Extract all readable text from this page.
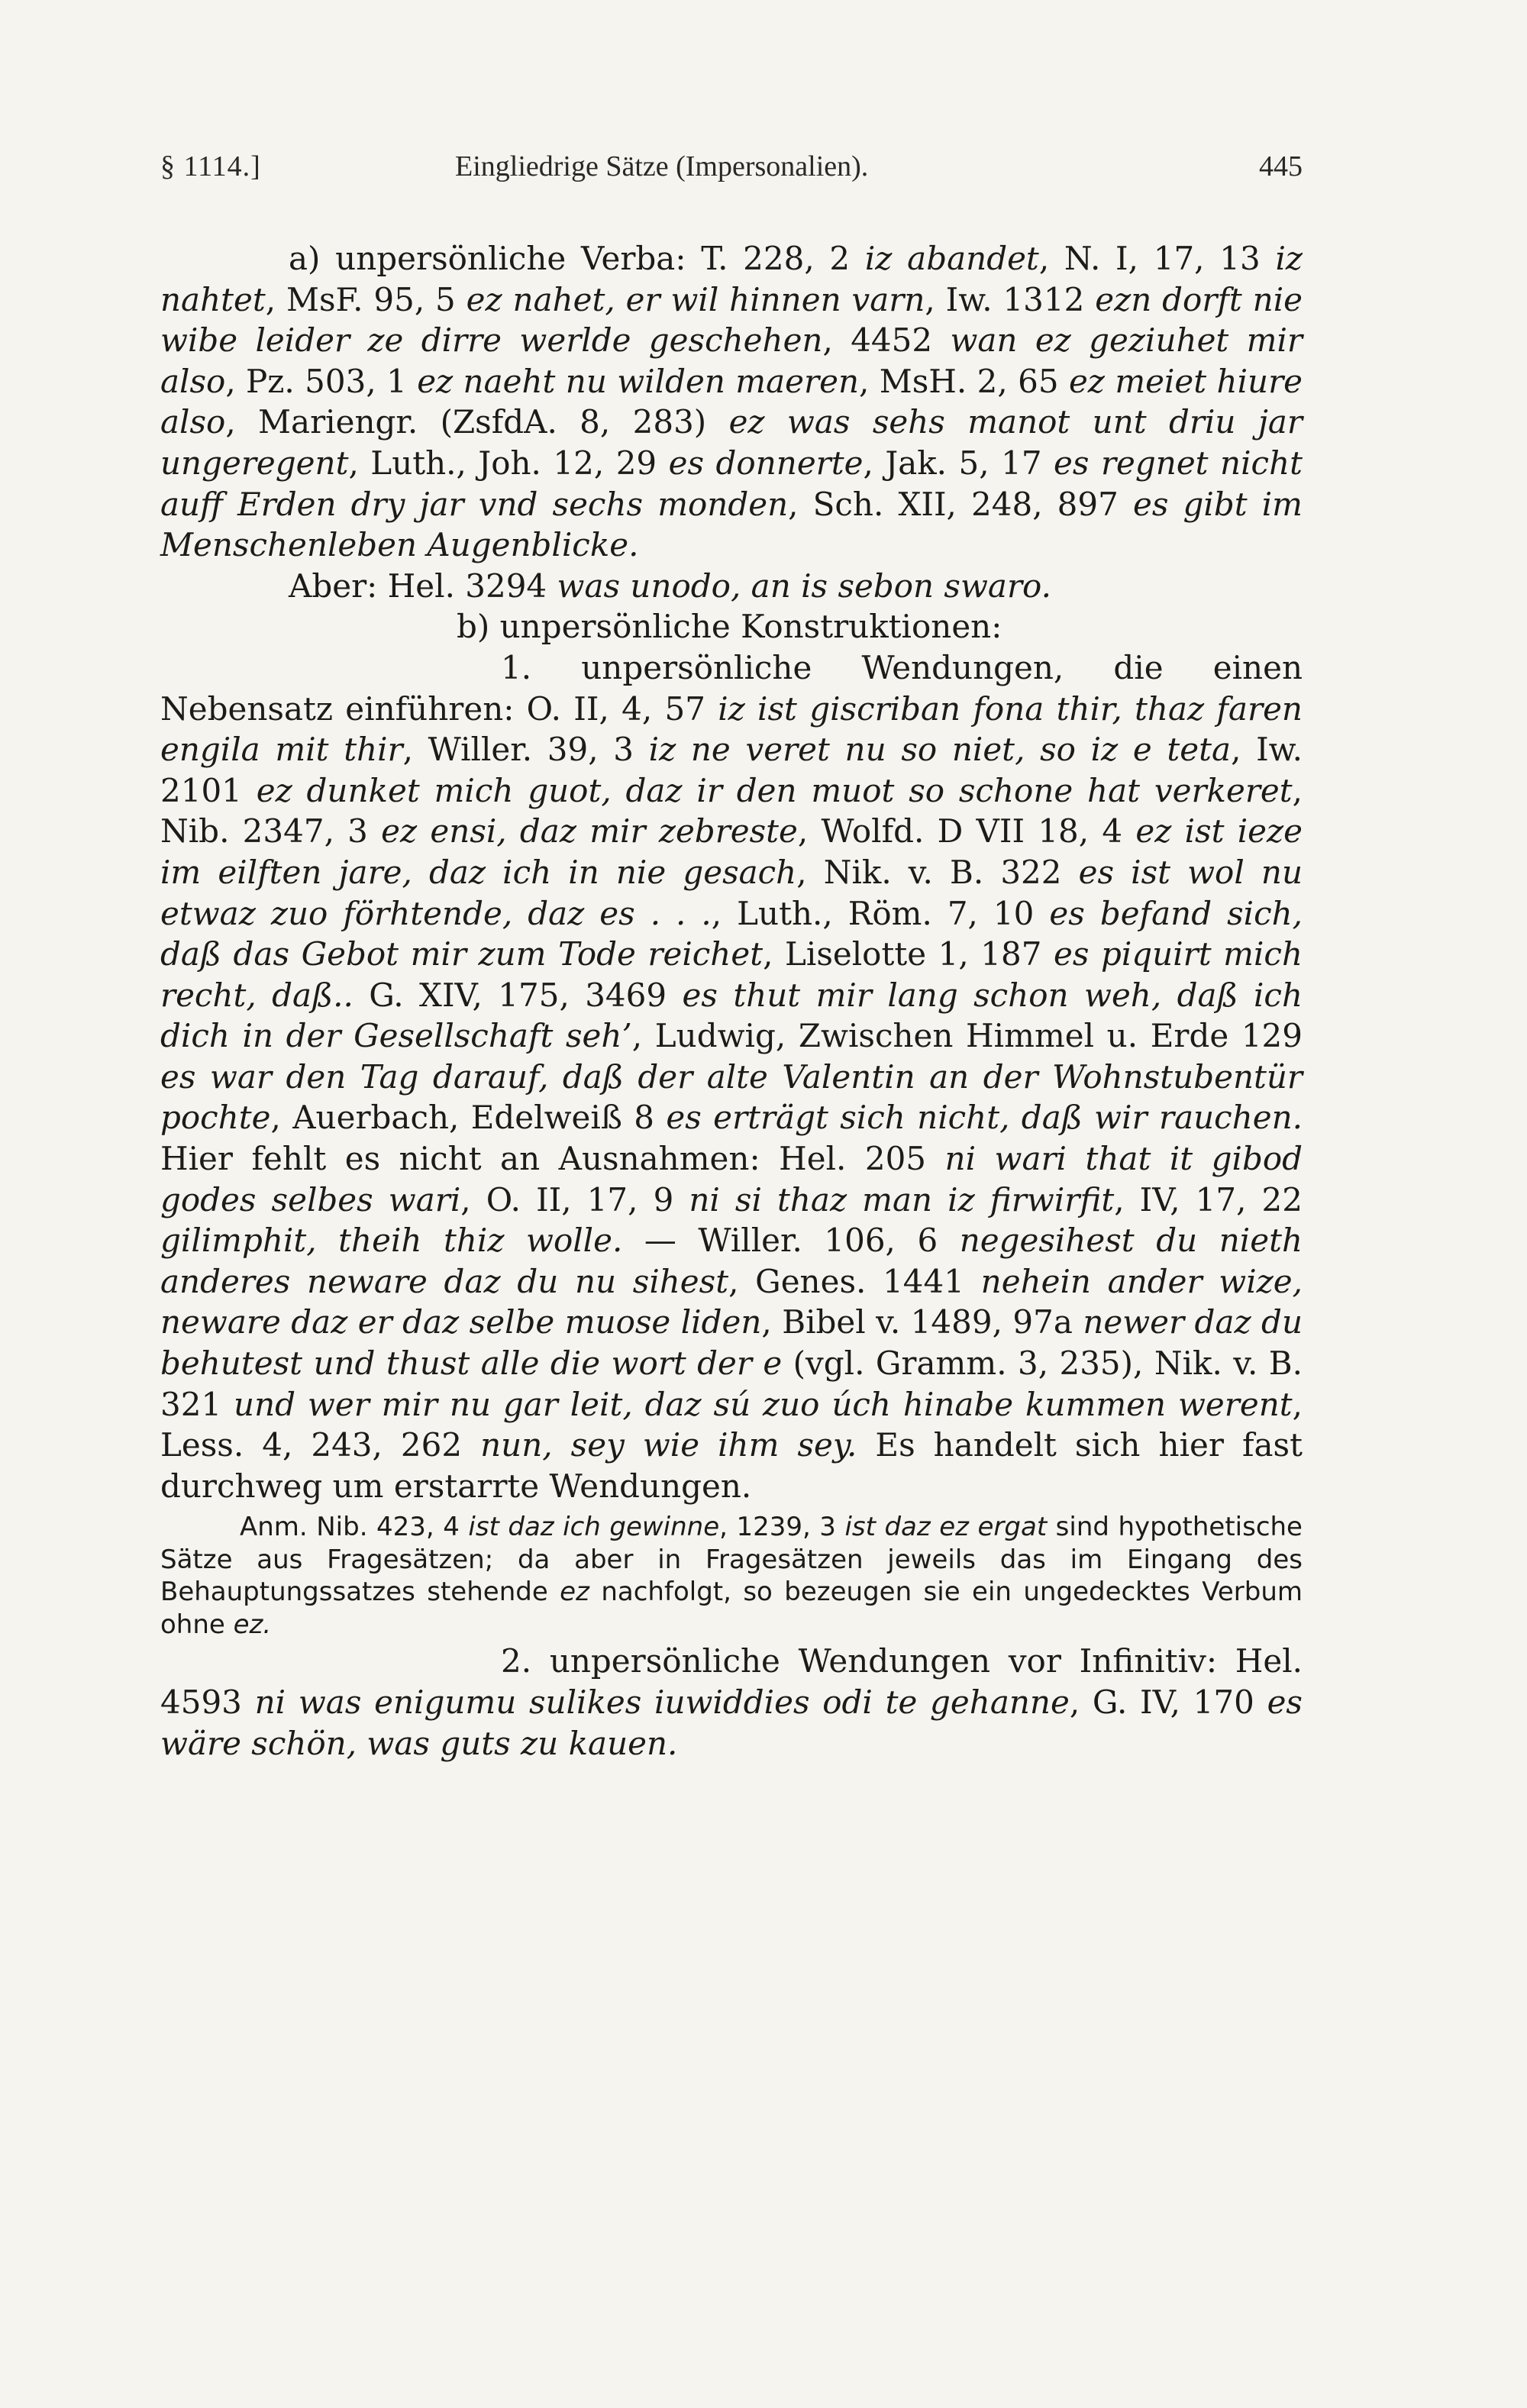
§ 1114.]	Eingliedrige Sätze (Impersonalien).	445

a) unpersönliche Verba: T. 228, 2 iz abandet, N. I, 17, 13 iz nahtet, MsF. 95, 5 ez nahet, er wil hinnen varn, Iw. 1312 ezn dorft nie wibe leider ze dirre werlde geschehen, 4452 wan ez geziuhet mir also, Pz. 503, 1 ez naeht nu wilden maeren, MsH. 2, 65 ez meiet hiure also, Mariengr. (ZsfdA. 8, 283) ez was sehs manot unt driu jar ungeregent, Luth., Joh. 12, 29 es donnerte, Jak. 5, 17 es regnet nicht auff Erden dry jar vnd sechs monden, Sch. XII, 248, 897 es gibt im Menschenleben Augenblicke.

Aber: Hel. 3294 was unodo, an is sebon swaro.

b) unpersönliche Konstruktionen:

1. unpersönliche Wendungen, die einen Nebensatz einführen: O. II, 4, 57 iz ist giscriban fona thir, thaz faren engila mit thir, Willer. 39, 3 iz ne veret nu so niet, so iz e teta, Iw. 2101 ez dunket mich guot, daz ir den muot so schone hat verkeret, Nib. 2347, 3 ez ensi, daz mir zebreste, Wolfd. D VII 18, 4 ez ist ieze im eilften jare, daz ich in nie gesach, Nik. v. B. 322 es ist wol nu etwaz zuo förhtende, daz es . . ., Luth., Röm. 7, 10 es befand sich, daß das Gebot mir zum Tode reichet, Liselotte 1, 187 es piquirt mich recht, daß.. G. XIV, 175, 3469 es thut mir lang schon weh, daß ich dich in der Gesellschaft seh’, Ludwig, Zwischen Himmel u. Erde 129 es war den Tag darauf, daß der alte Valentin an der Wohnstubentür pochte, Auerbach, Edelweiß 8 es erträgt sich nicht, daß wir rauchen. Hier fehlt es nicht an Ausnahmen: Hel. 205 ni wari that it gibod godes selbes wari, O. II, 17, 9 ni si thaz man iz firwirfit, IV, 17, 22 gilimphit, theih thiz wolle. — Willer. 106, 6 negesihest du nieth anderes neware daz du nu sihest, Genes. 1441 nehein ander wize, neware daz er daz selbe muose liden, Bibel v. 1489, 97a newer daz du behutest und thust alle die wort der e (vgl. Gramm. 3, 235), Nik. v. B. 321 und wer mir nu gar leit, daz sú zuo úch hinabe kummen werent, Less. 4, 243, 262 nun, sey wie ihm sey. Es handelt sich hier fast durchweg um erstarrte Wendungen.

Anm. Nib. 423, 4 ist daz ich gewinne, 1239, 3 ist daz ez ergat sind hypothetische Sätze aus Fragesätzen; da aber in Fragesätzen jeweils das im Eingang des Behauptungssatzes stehende ez nachfolgt, so bezeugen sie ein ungedecktes Verbum ohne ez.

2. unpersönliche Wendungen vor Infinitiv: Hel. 4593 ni was enigumu sulikes iuwiddies odi te gehanne, G. IV, 170 es wäre schön, was guts zu kauen.
